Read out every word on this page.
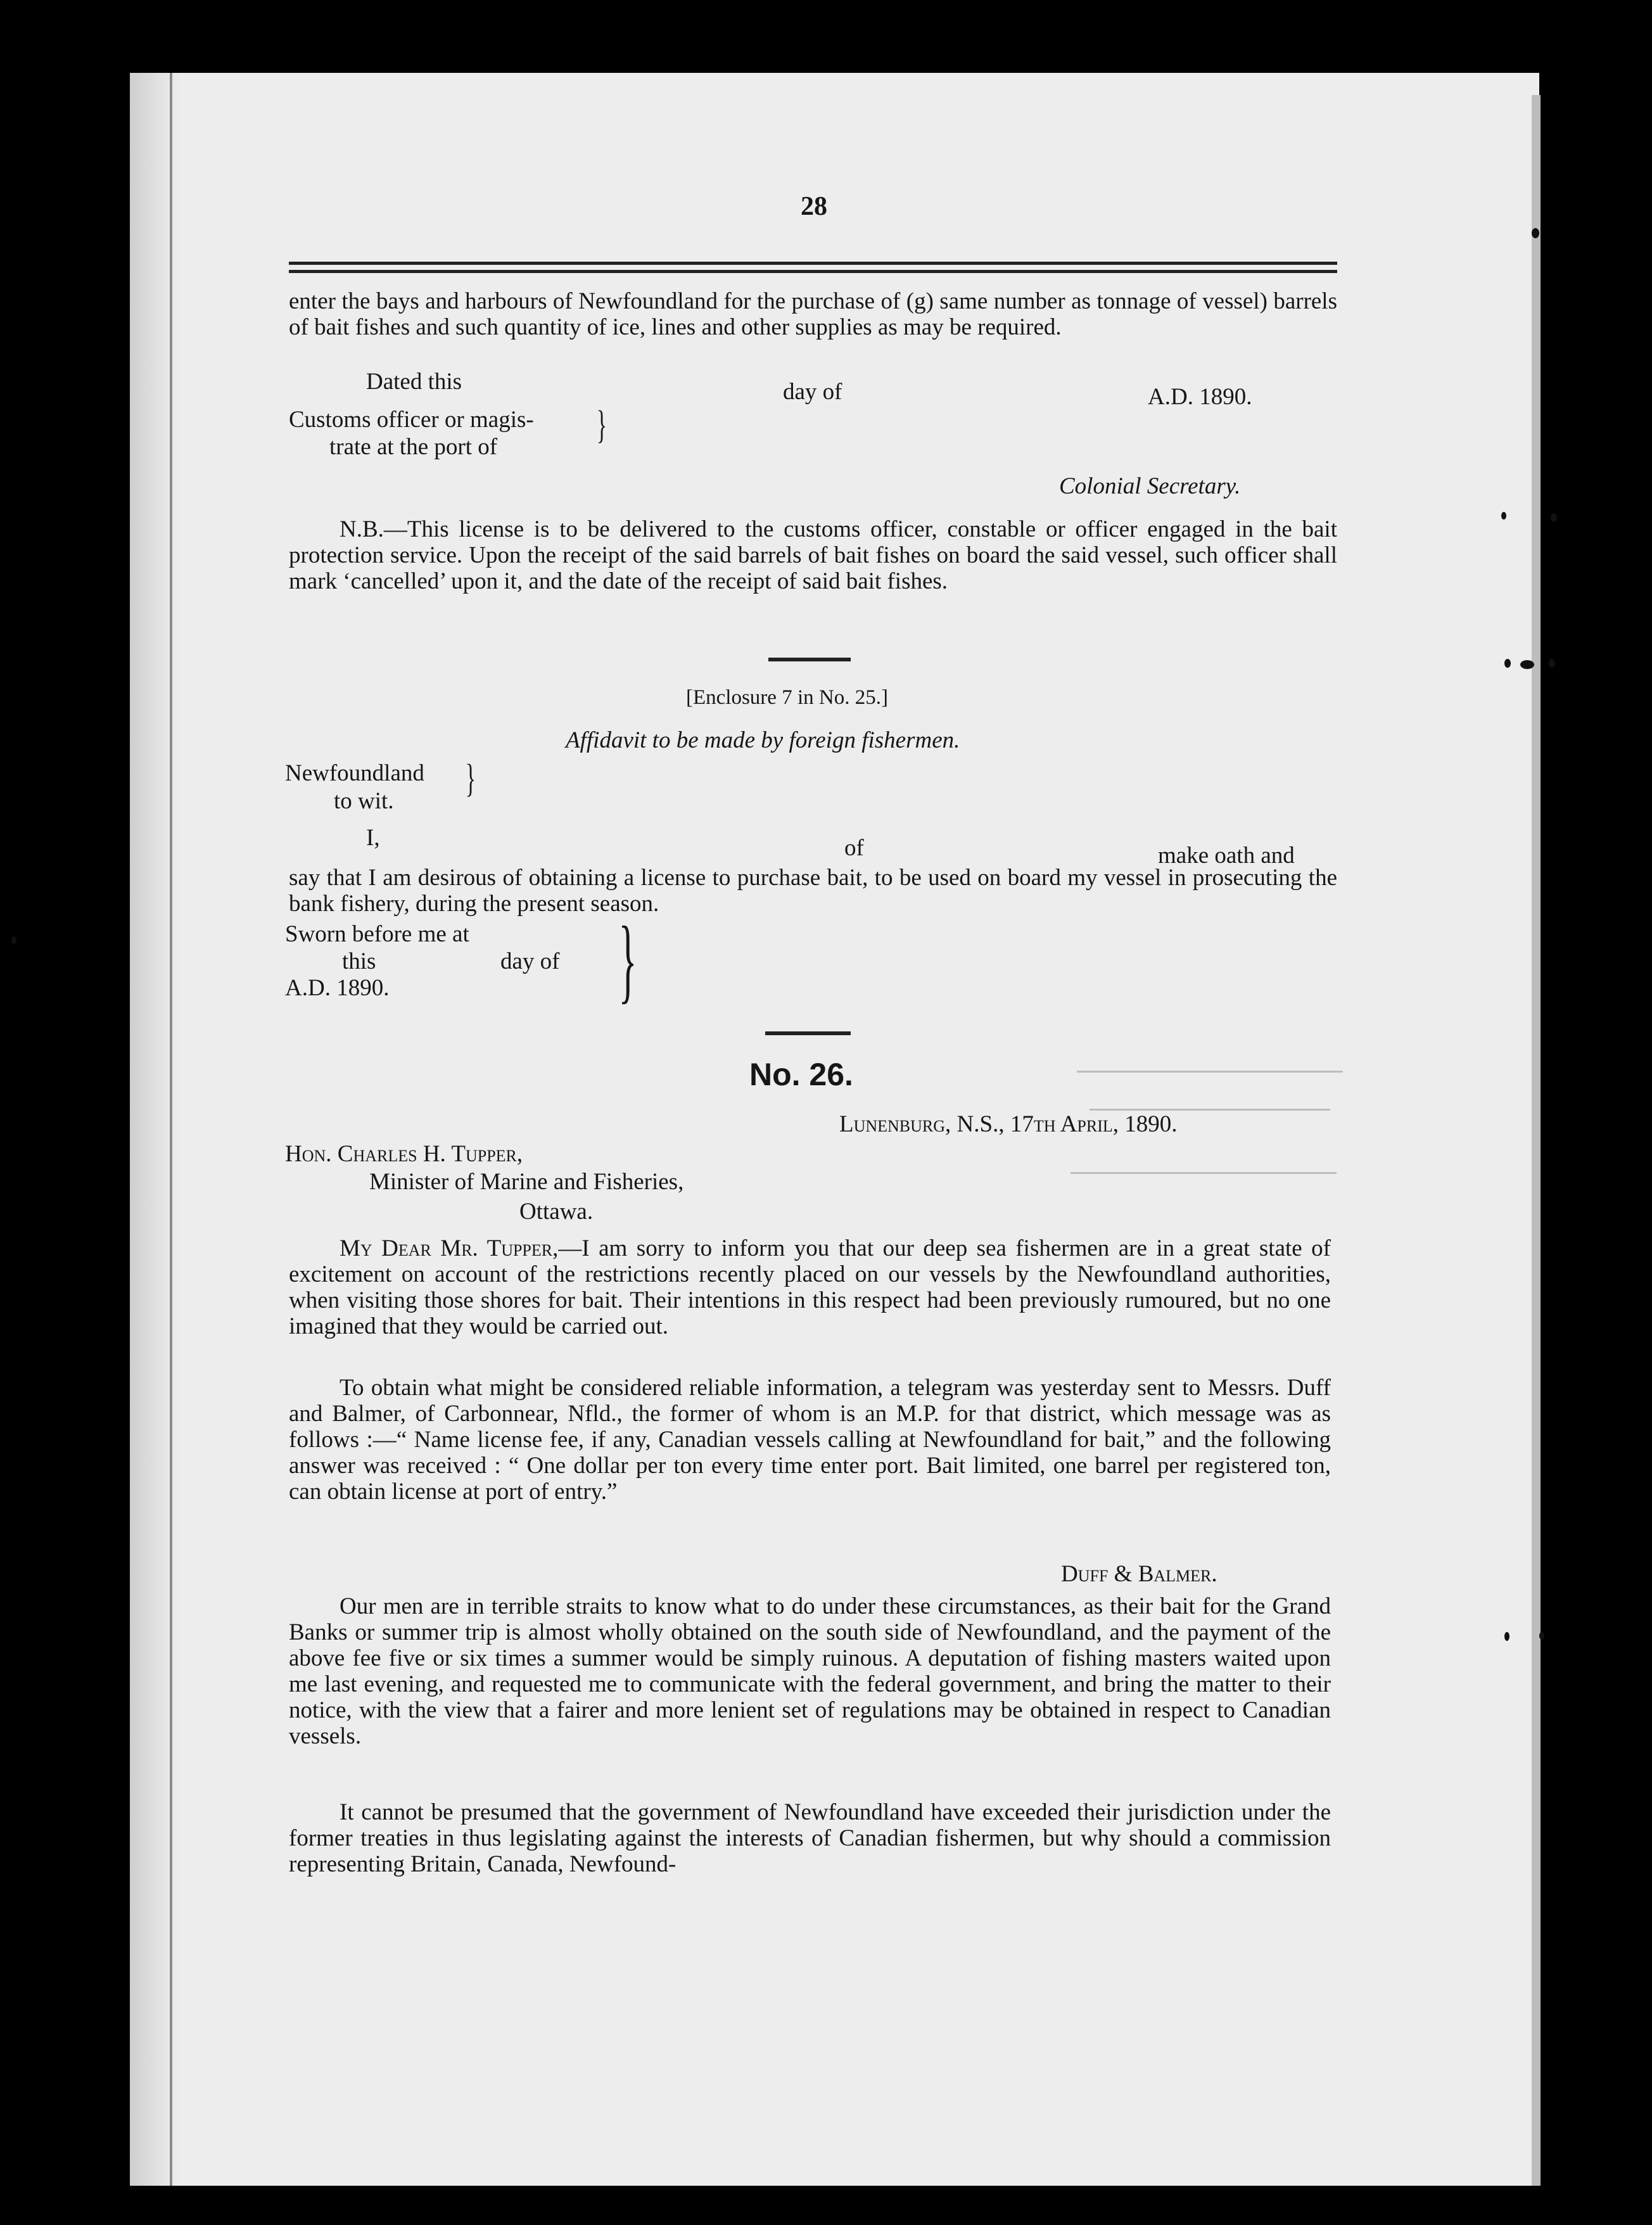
28

enter the bays and harbours of Newfoundland for the purchase of (g) same number as tonnage of vessel) barrels of bait fishes and such quantity of ice, lines and other supplies as may be required.

Dated this	day of	A.D. 1890.
Customs officer or magis-
trate at the port of
}
Colonial Secretary.

N.B.—This license is to be delivered to the customs officer, constable or officer engaged in the bait protection service. Upon the receipt of the said barrels of bait fishes on board the said vessel, such officer shall mark ‘cancelled’ upon it, and the date of the receipt of said bait fishes.

[Enclosure 7 in No. 25.]
Affidavit to be made by foreign fishermen.
Newfoundland
to wit.
}
I,	of	make oath and

say that I am desirous of obtaining a license to purchase bait, to be used on board my vessel in prosecuting the bank fishery, during the present season.

Sworn before me at
this	day of
A.D. 1890. }
No. 26.
Lunenburg, N.S., 17th April, 1890.
Hon. Charles H. Tupper,
Minister of Marine and Fisheries,
Ottawa.

My Dear Mr. Tupper,—I am sorry to inform you that our deep sea fishermen are in a great state of excitement on account of the restrictions recently placed on our vessels by the Newfoundland authorities, when visiting those shores for bait. Their intentions in this respect had been previously rumoured, but no one imagined that they would be carried out.

To obtain what might be considered reliable information, a telegram was yesterday sent to Messrs. Duff and Balmer, of Carbonnear, Nfld., the former of whom is an M.P. for that district, which message was as follows :—“ Name license fee, if any, Canadian vessels calling at Newfoundland for bait,” and the following answer was received : “ One dollar per ton every time enter port. Bait limited, one barrel per registered ton, can obtain license at port of entry.”

Duff & Balmer.

Our men are in terrible straits to know what to do under these circumstances, as their bait for the Grand Banks or summer trip is almost wholly obtained on the south side of Newfoundland, and the payment of the above fee five or six times a summer would be simply ruinous. A deputation of fishing masters waited upon me last evening, and requested me to communicate with the federal government, and bring the matter to their notice, with the view that a fairer and more lenient set of regulations may be obtained in respect to Canadian vessels.

It cannot be presumed that the government of Newfoundland have exceeded their jurisdiction under the former treaties in thus legislating against the interests of Canadian fishermen, but why should a commission representing Britain, Canada, Newfound-
